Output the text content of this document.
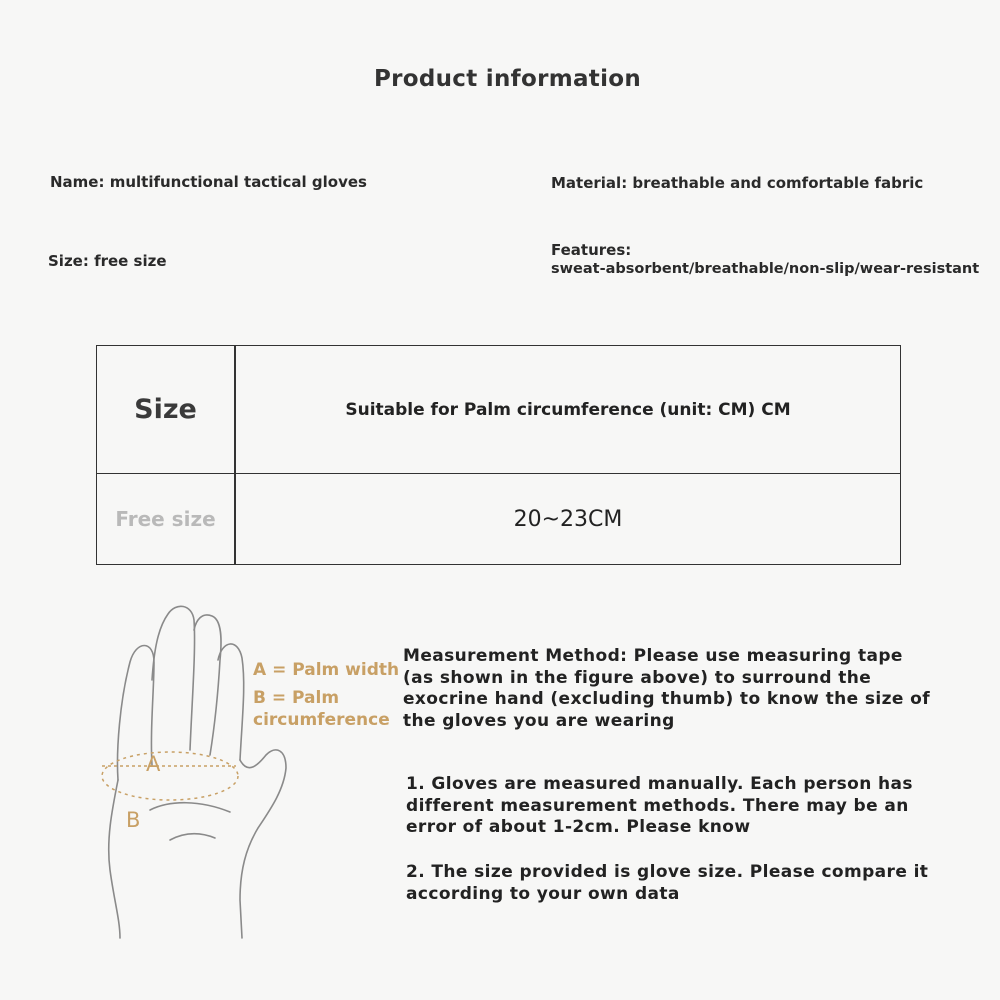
Product information
Name: multifunctional tactical gloves	Material: breathable and comfortable fabric
Size: free size
Features:
sweat-absorbent/breathable/non-slip/wear-resistant
Size	Suitable for Palm circumference (unit: CM) CM
Free size	20~23CM
A
B
A = Palm width
B = Palm
circumference
Measurement Method: Please use measuring tape
(as shown in the figure above) to surround the
exocrine hand (excluding thumb) to know the size of
the gloves you are wearing
1. Gloves are measured manually. Each person has
different measurement methods. There may be an
error of about 1-2cm. Please know
2. The size provided is glove size. Please compare it
according to your own data
